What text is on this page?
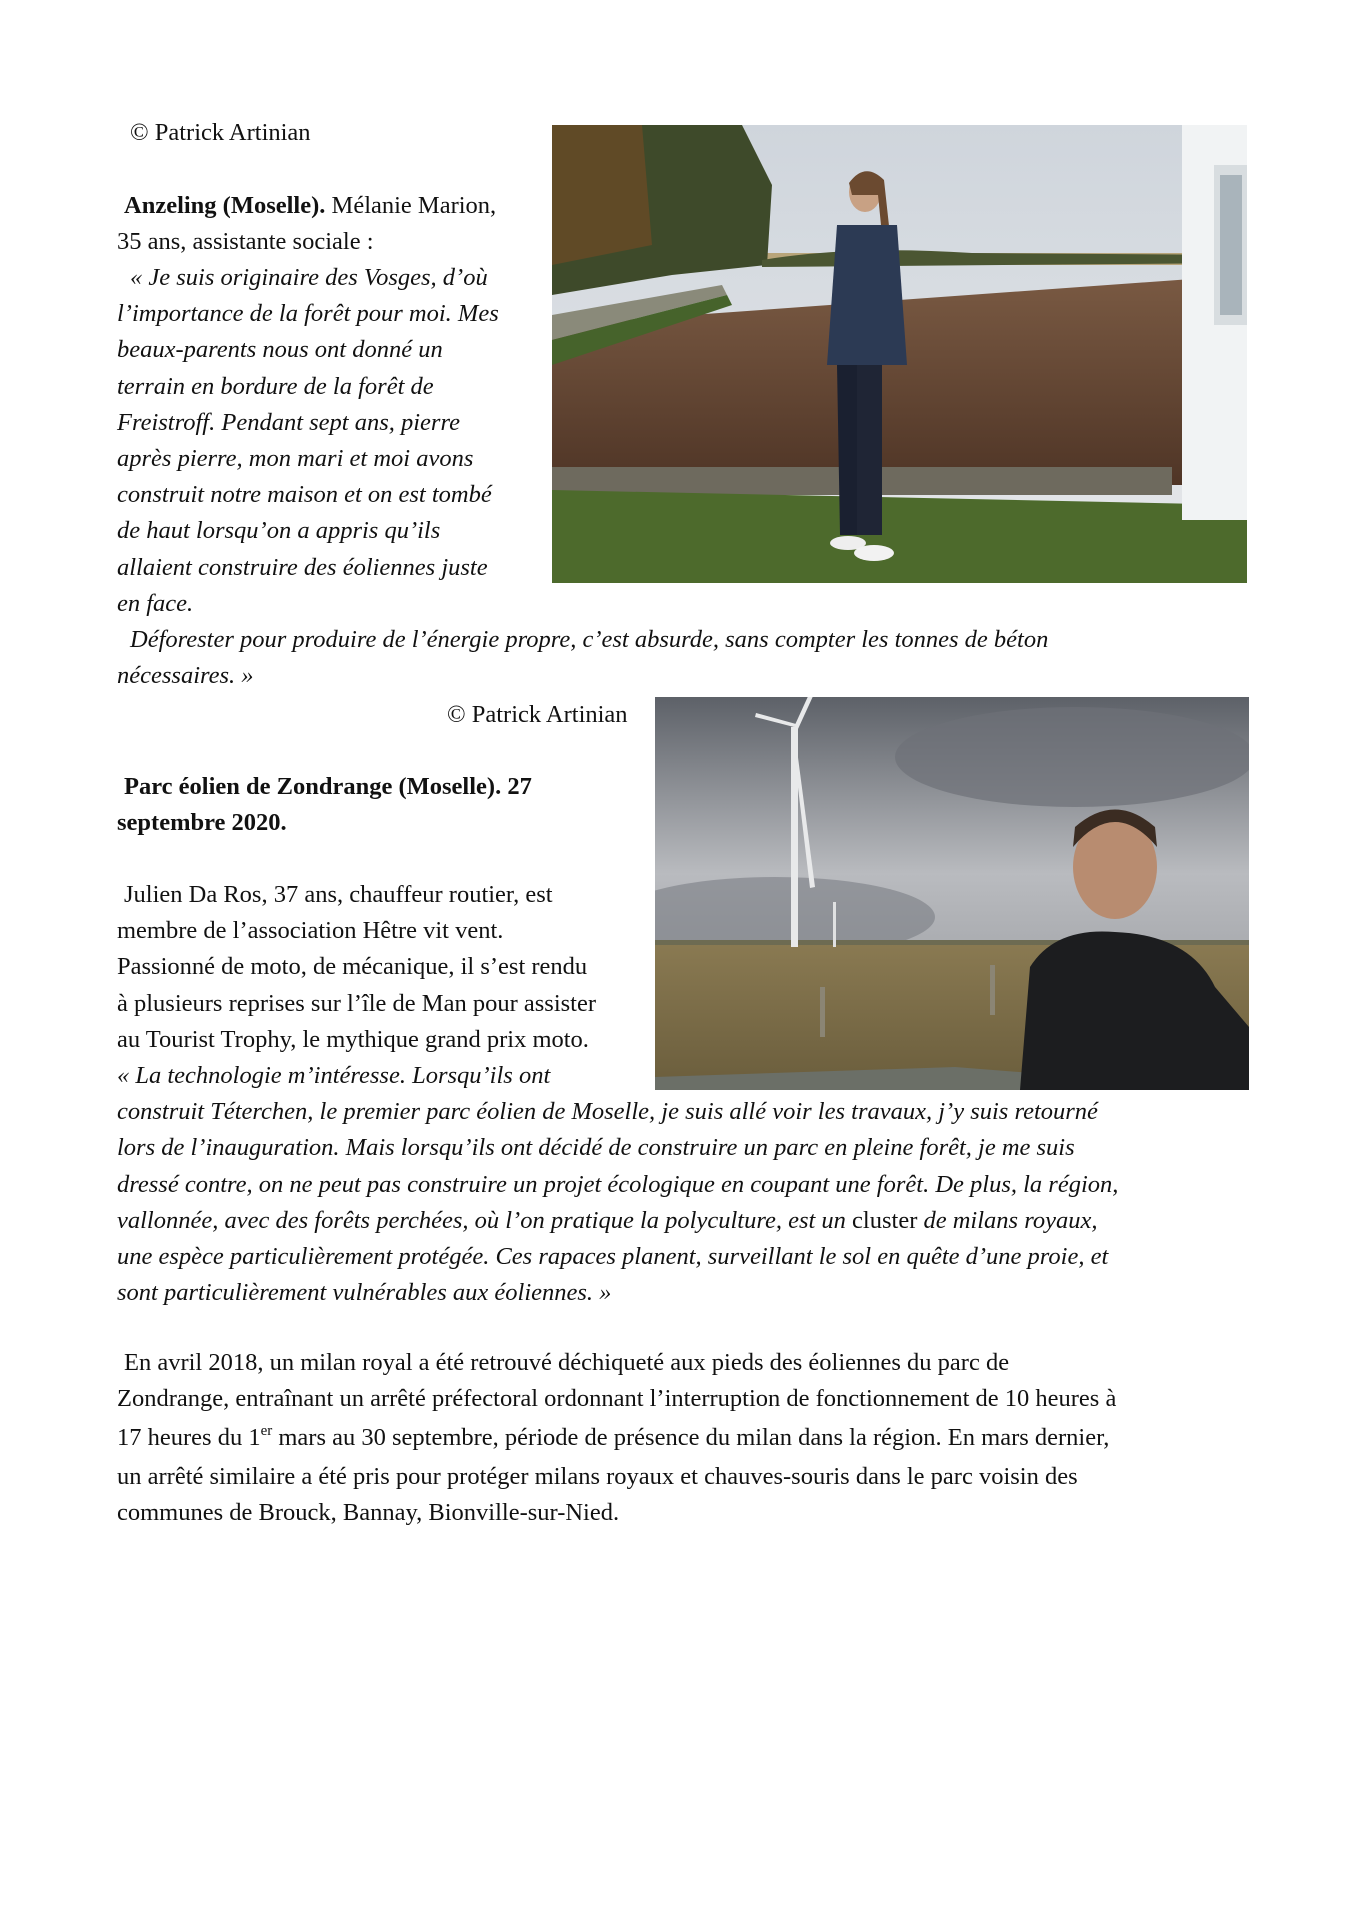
© Patrick Artinian

Anzeling (Moselle). Mélanie Marion,

35 ans, assistante sociale :

« Je suis originaire des Vosges, d’où

l’importance de la forêt pour moi. Mes

beaux-parents nous ont donné un

terrain en bordure de la forêt de

Freistroff. Pendant sept ans, pierre

après pierre, mon mari et moi avons

construit notre maison et on est tombé

de haut lorsqu’on a appris qu’ils

allaient construire des éoliennes juste

en face.

Déforester pour produire de l’énergie propre, c’est absurde, sans compter les tonnes de béton

nécessaires. »

© Patrick Artinian

Parc éolien de Zondrange (Moselle). 27

septembre 2020.

Julien Da Ros, 37 ans, chauffeur routier, est

membre de l’association Hêtre vit vent.

Passionné de moto, de mécanique, il s’est rendu

à plusieurs reprises sur l’île de Man pour assister

au Tourist Trophy, le mythique grand prix moto.

« La technologie m’intéresse. Lorsqu’ils ont

construit Téterchen, le premier parc éolien de Moselle, je suis allé voir les travaux, j’y suis retourné

lors de l’inauguration. Mais lorsqu’ils ont décidé de construire un parc en pleine forêt, je me suis

dressé contre, on ne peut pas construire un projet écologique en coupant une forêt. De plus, la région,

vallonnée, avec des forêts perchées, où l’on pratique la polyculture, est un cluster de milans royaux,

une espèce particulièrement protégée. Ces rapaces planent, surveillant le sol en quête d’une proie, et

sont particulièrement vulnérables aux éoliennes. »

En avril 2018, un milan royal a été retrouvé déchiqueté aux pieds des éoliennes du parc de

Zondrange, entraînant un arrêté préfectoral ordonnant l’interruption de fonctionnement de 10 heures à

17 heures du 1er mars au 30 septembre, période de présence du milan dans la région. En mars dernier,

un arrêté similaire a été pris pour protéger milans royaux et chauves-souris dans le parc voisin des

communes de Brouck, Bannay, Bionville-sur-Nied.
